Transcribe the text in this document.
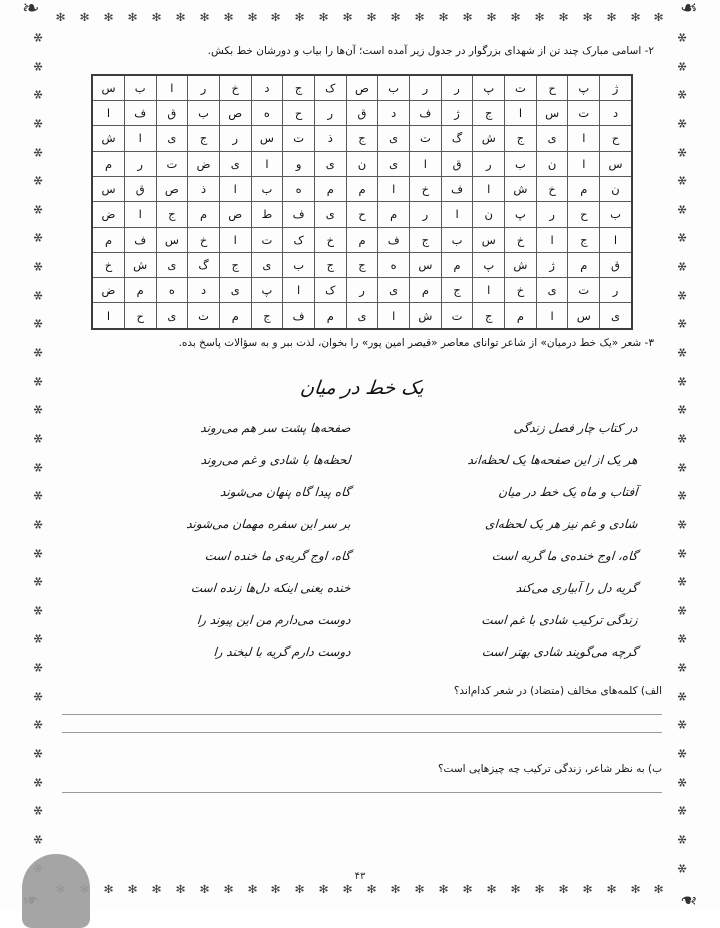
❧	❧
❧
✻ ✻ ✻ ✻ ✻ ✻ ✻ ✻ ✻ ✻ ✻ ✻ ✻ ✻ ✻ ✻ ✻ ✻ ✻ ✻ ✻ ✻ ✻ ✻ ✻ ✻
✻ ✻ ✻ ✻ ✻ ✻ ✻ ✻ ✻ ✻ ✻ ✻ ✻ ✻ ✻ ✻ ✻ ✻ ✻ ✻ ✻ ✻ ✻ ✻
✻
✻
✻
✻
✻
✻
✻
✻
✻
✻
✻
✻
✻
✻
✻
✻
✻
✻
✻
✻
✻
✻
✻
✻
✻
✻
✻
✻
✻
✻
✻
✻
✻
✻
✻
✻
✻
✻
✻
✻
✻
✻
✻
✻
✻
✻
✻
✻
✻
✻
✻
✻
✻
✻
✻
✻
✻
✻
✻
۲- اسامی مبارک چند تن از شهدای بزرگوار در جدول زیر آمده است؛ آن‌ها را بیاب و دورشان خط بکش.
ژ	پ	ح	ت	پ	ر	ر	ب	ص	ک	ج	د	خ	ر	ا	ب	س
د	ت	س	ا	ج	ژ	ف	د	ق	ر	ح	ه	ص	ب	ق	ف	ا
ح	ا	ی	ج	ش	گ	ت	ی	ج	ذ	ت	س	ر	ج	ی	ا	ش
س	ا	ن	ب	ر	ق	ا	ی	ن	ی	و	ا	ی	ض	ت	ر	م
ن	م	خ	ش	ا	ف	خ	ا	م	م	ه	ب	ا	ذ	ص	ق	س
ب	ح	ر	پ	ن	ا	ر	م	ح	ی	ف	ط	ص	م	ج	ا	ض
ا	ج	ا	خ	س	ب	ج	ف	م	خ	ک	ت	ا	خ	س	ف	م
ق	م	ژ	ش	پ	م	س	ه	ج	ج	ب	ی	ج	گ	ی	ش	خ
ر	ت	ی	خ	ا	ج	م	ی	ر	ک	ا	پ	ی	د	ه	م	ض
ی	س	ا	م	ج	ت	ش	ا	ی	م	ف	ج	م	ت	ی	ح	ا
۳- شعر «یک خط درمیان» از شاعر توانای معاصر «قیصر امین پور» را بخوان، لذت ببر و به سؤالات پاسخ بده.
یک خط در میان
در کتاب چار فصل زندگی
صفحه‌ها پشت سر هم می‌روند
هر یک از این صفحه‌ها یک لحظه‌اند
لحظه‌ها با شادی و غم می‌روند
آفتاب و ماه یک خط در میان
گاه پیدا گاه پنهان می‌شوند
شادی و غم نیز هر یک لحظه‌ای
بر سر این سفره مهمان می‌شوند
گاه، اوج خنده‌ی ما گریه است
گاه، اوج گریه‌ی ما خنده است
گریه دل را آبیاری می‌کند
خنده یعنی اینکه دل‌ها زنده است
زندگی ترکیب شادی با غم است
دوست می‌دارم من این پیوند را
گرچه می‌گویند شادی بهتر است
دوست دارم گریه با لبخند را
الف) کلمه‌های مخالف (متضاد) در شعر کدام‌اند؟
ب) به نظر شاعر، زندگی ترکیب چه چیزهایی است؟
۴۳
